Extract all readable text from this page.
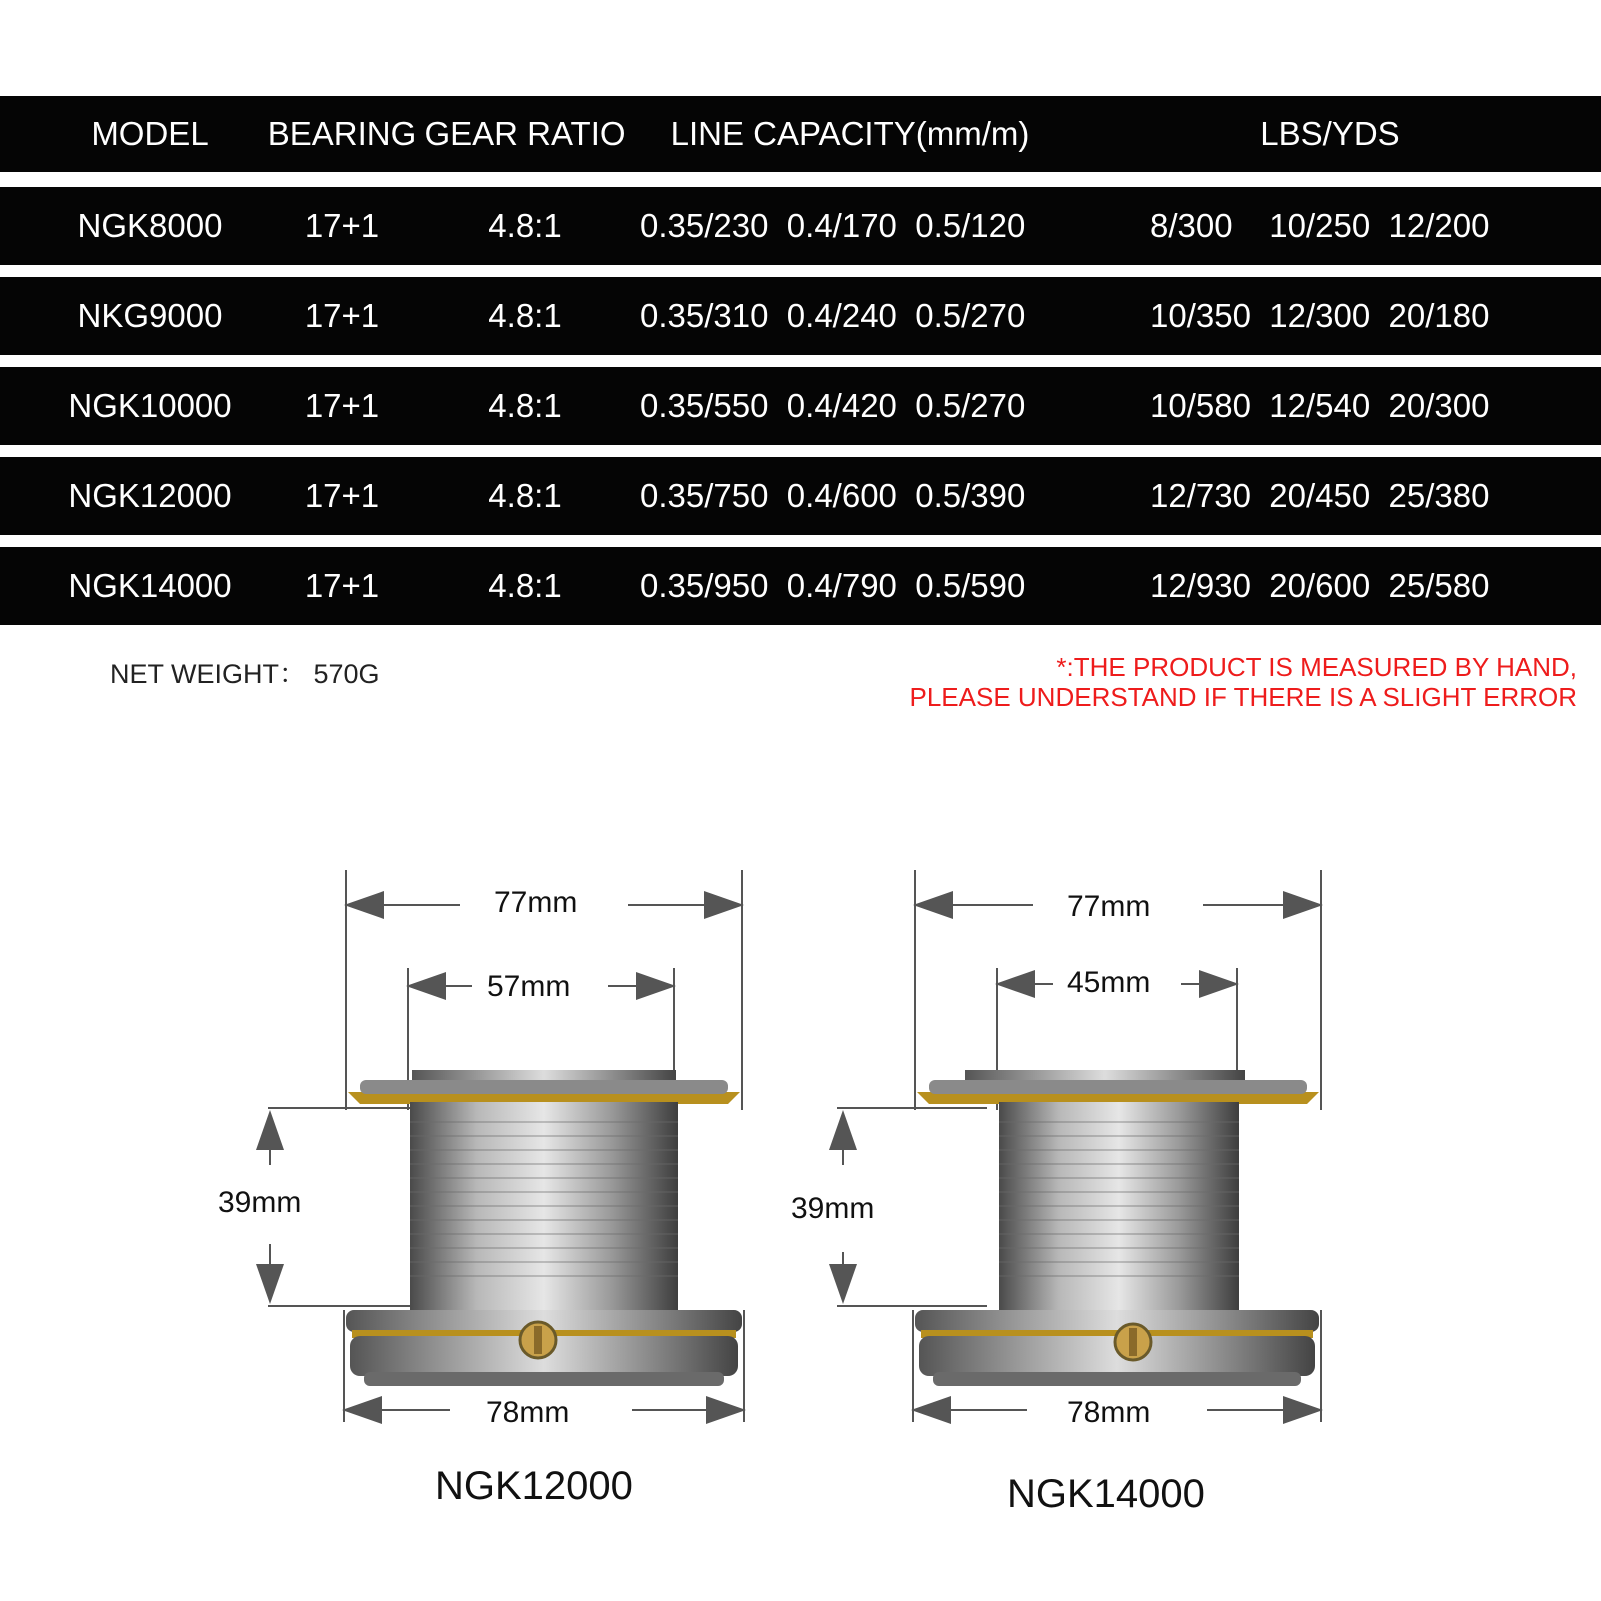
MODEL	BEARING GEAR RATIO	LINE CAPACITY(mm/m)	LBS/YDS
NGK8000	17+1	4.8:1	0.35/230  0.4/170  0.5/120	8/300    10/250  12/200
NKG9000	17+1	4.8:1	0.35/310  0.4/240  0.5/270	10/350  12/300  20/180
NGK10000	17+1	4.8:1	0.35/550  0.4/420  0.5/270	10/580  12/540  20/300
NGK12000	17+1	4.8:1	0.35/750  0.4/600  0.5/390	12/730  20/450  25/380
NGK14000	17+1	4.8:1	0.35/950  0.4/790  0.5/590	12/930  20/600  25/580
NET WEIGHT： 570G	*:THE PRODUCT IS MEASURED BY HAND,
PLEASE UNDERSTAND IF THERE IS A SLIGHT ERROR
77mm
57mm
39mm
78mm
NGK12000
77mm
45mm
39mm
78mm
NGK14000
